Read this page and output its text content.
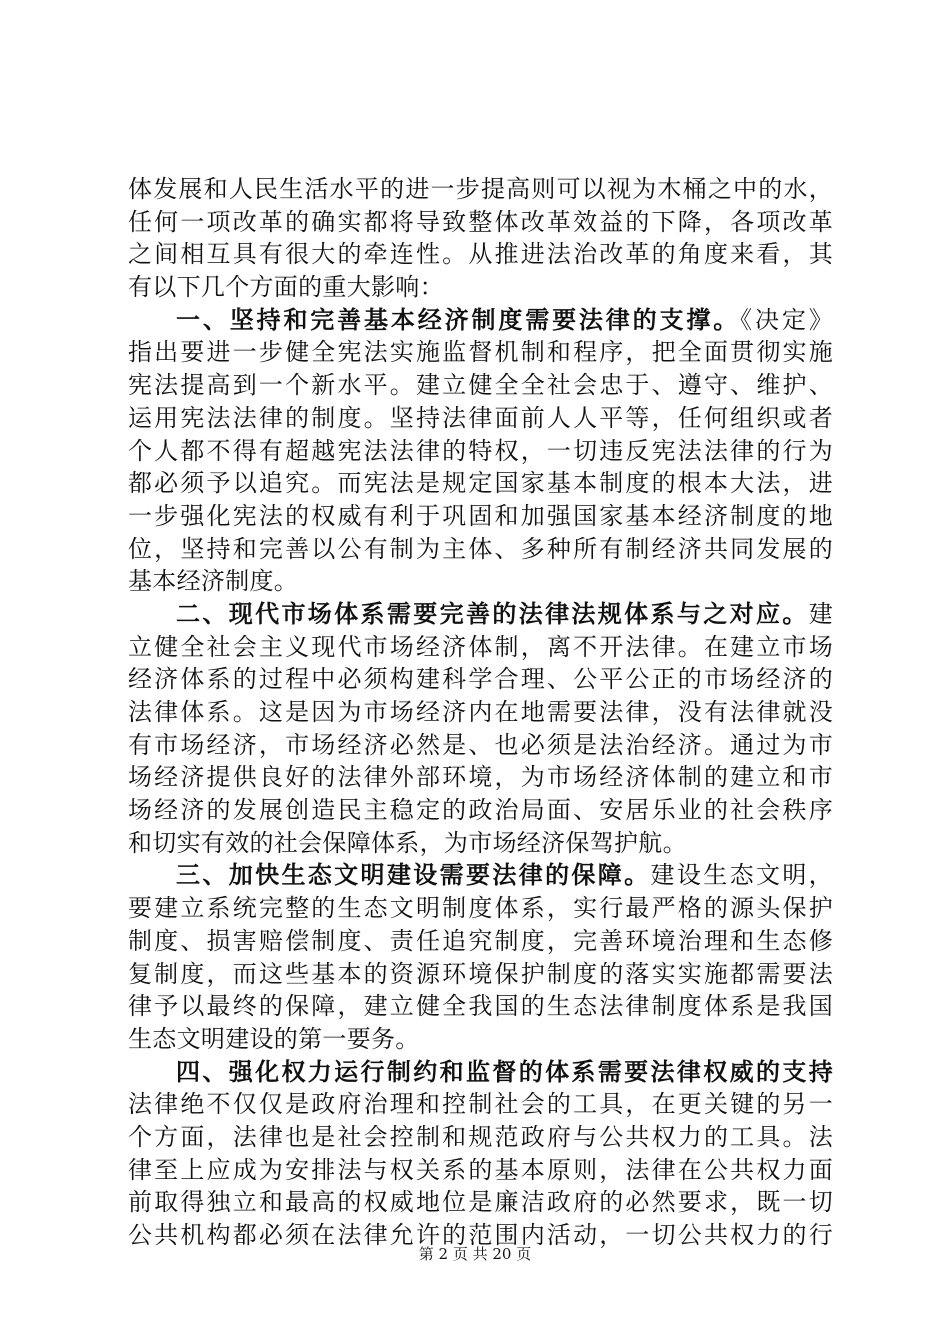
体发展和人民生活水平的进一步提高则可以视为木桶之中的水，
任何一项改革的确实都将导致整体改革效益的下降，各项改革
之间相互具有很大的牵连性。从推进法治改革的角度来看，其
有以下几个方面的重大影响：
一、坚持和完善基本经济制度需要法律的支撑。《决定》
指出要进一步健全宪法实施监督机制和程序，把全面贯彻实施
宪法提高到一个新水平。建立健全全社会忠于、遵守、维护、
运用宪法法律的制度。坚持法律面前人人平等，任何组织或者
个人都不得有超越宪法法律的特权，一切违反宪法法律的行为
都必须予以追究。而宪法是规定国家基本制度的根本大法，进
一步强化宪法的权威有利于巩固和加强国家基本经济制度的地
位，坚持和完善以公有制为主体、多种所有制经济共同发展的
基本经济制度。
二、现代市场体系需要完善的法律法规体系与之对应。建
立健全社会主义现代市场经济体制，离不开法律。在建立市场
经济体系的过程中必须构建科学合理、公平公正的市场经济的
法律体系。这是因为市场经济内在地需要法律，没有法律就没
有市场经济，市场经济必然是、也必须是法治经济。通过为市
场经济提供良好的法律外部环境，为市场经济体制的建立和市
场经济的发展创造民主稳定的政治局面、安居乐业的社会秩序
和切实有效的社会保障体系，为市场经济保驾护航。
三、加快生态文明建设需要法律的保障。建设生态文明，
要建立系统完整的生态文明制度体系，实行最严格的源头保护
制度、损害赔偿制度、责任追究制度，完善环境治理和生态修
复制度，而这些基本的资源环境保护制度的落实实施都需要法
律予以最终的保障，建立健全我国的生态法律制度体系是我国
生态文明建设的第一要务。
四、强化权力运行制约和监督的体系需要法律权威的支持
法律绝不仅仅是政府治理和控制社会的工具，在更关键的另一
个方面，法律也是社会控制和规范政府与公共权力的工具。法
律至上应成为安排法与权关系的基本原则，法律在公共权力面
前取得独立和最高的权威地位是廉洁政府的必然要求，既一切
公共机构都必须在法律允许的范围内活动，一切公共权力的行
第 2 页 共 20 页
